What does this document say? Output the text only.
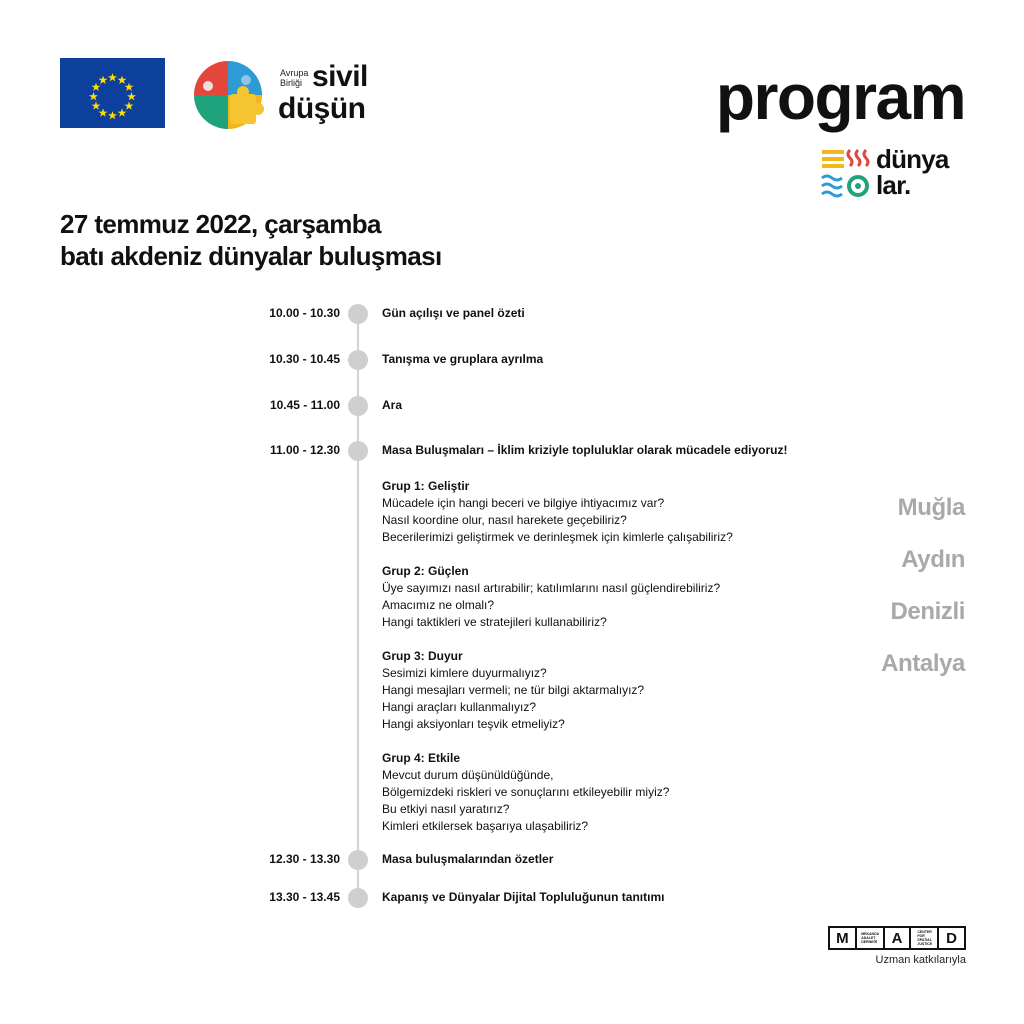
Avrupa
Birliği sivil
düşün	program
dünya
lar.
27 temmuz 2022, çarşamba
batı akdeniz dünyalar buluşması
10.00 - 10.30	Gün açılışı ve panel özeti
10.30 - 10.45	Tanışma ve gruplara ayrılma
10.45 - 11.00	Ara
11.00 - 12.30	Masa Buluşmaları – İklim kriziyle topluluklar olarak mücadele ediyoruz!
Grup 1: Geliştir
Mücadele için hangi beceri ve bilgiye ihtiyacımız var?
Nasıl koordine olur, nasıl harekete geçebiliriz?
Becerilerimizi geliştirmek ve derinleşmek için kimlerle çalışabiliriz?
Grup 2: Güçlen
Üye sayımızı nasıl artırabilir; katılımlarını nasıl güçlendirebiliriz?
Amacımız ne olmalı?
Hangi taktikleri ve stratejileri kullanabiliriz?
Grup 3: Duyur
Sesimizi kimlere duyurmalıyız?
Hangi mesajları vermeli; ne tür bilgi aktarmalıyız?
Hangi araçları kullanmalıyız?
Hangi aksiyonları teşvik etmeliyiz?
Grup 4: Etkile
Mevcut durum düşünüldüğünde,
Bölgemizdeki riskleri ve sonuçlarını etkileyebilir miyiz?
Bu etkiyi nasıl yaratırız?
Kimleri etkilersek başarıya ulaşabiliriz?
12.30 - 13.30	Masa buluşmalarından özetler
13.30 - 13.45	Kapanış ve Dünyalar Dijital Topluluğunun tanıtımı
Muğla
Aydın
Denizli
Antalya
M	MEKANDA
ADALET
DERNEĞİ A	CENTER
FOR
SPATIAL
JUSTICE D
Uzman katkılarıyla
